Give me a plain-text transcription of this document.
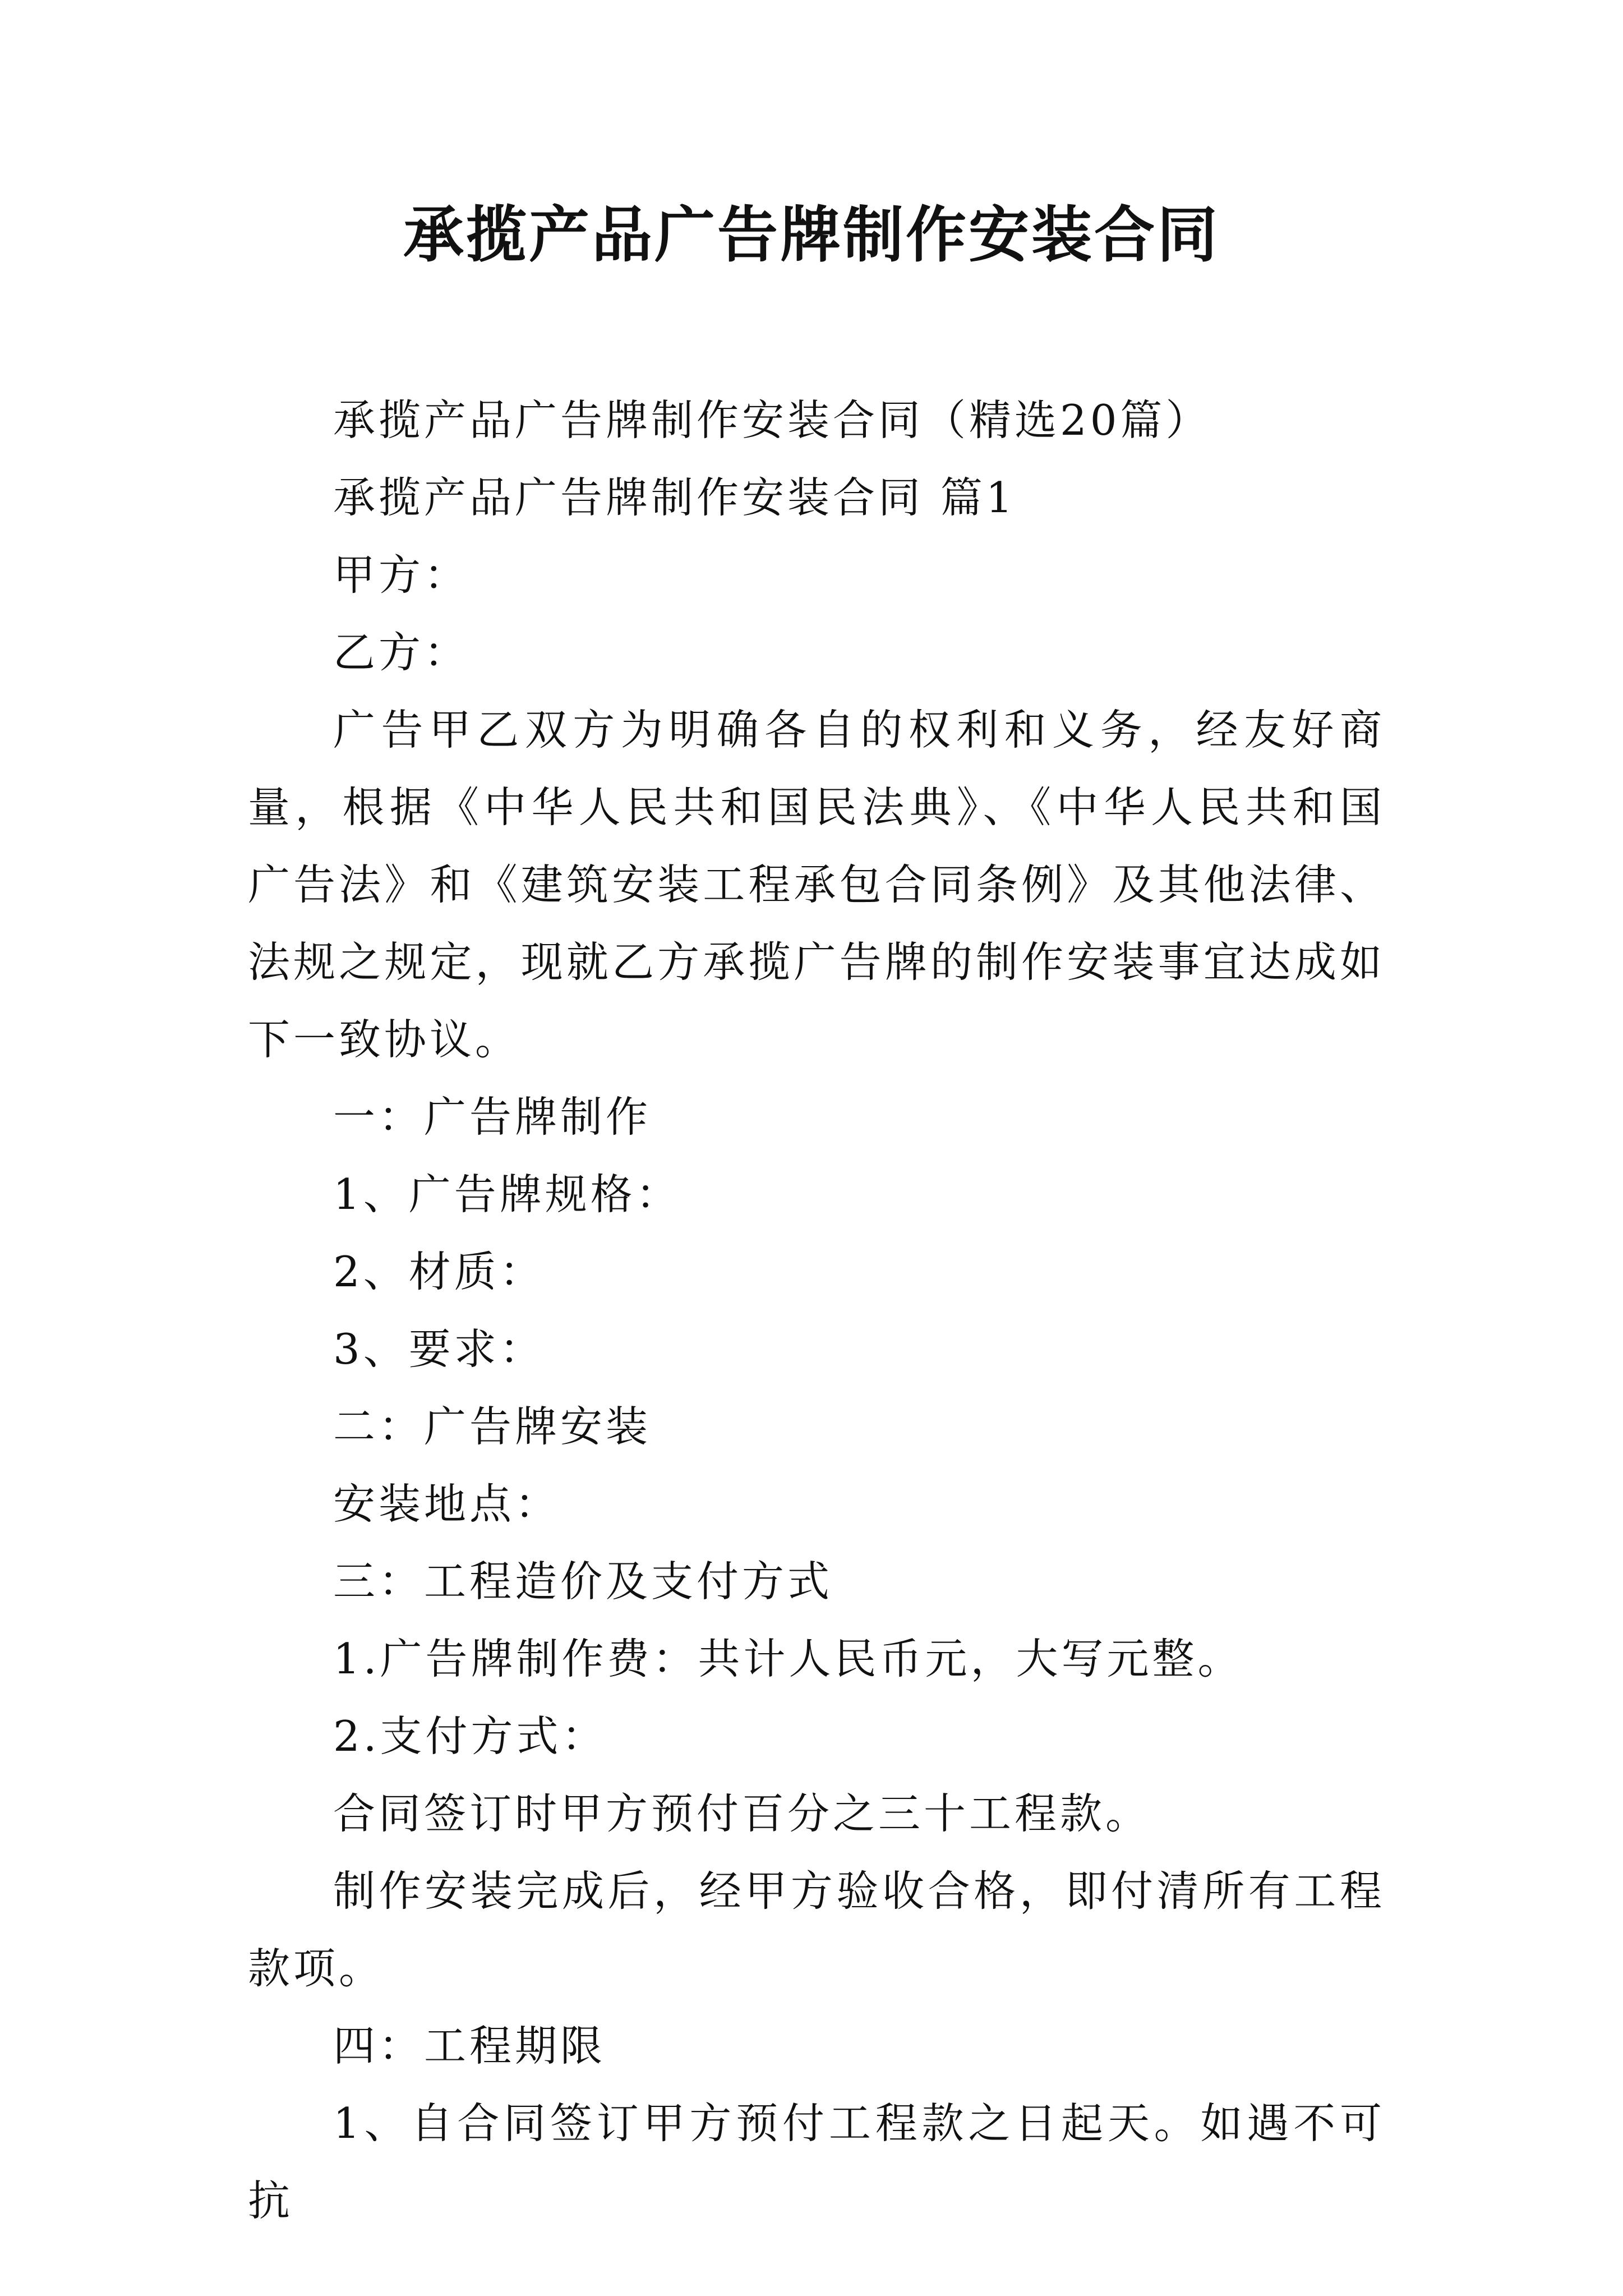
承揽产品广告牌制作安装合同

承揽产品广告牌制作安装合同（精选20篇）

承揽产品广告牌制作安装合同 篇1

甲方：

乙方：

广告甲乙双方为明确各自的权利和义务，经友好商量，根据《中华人民共和国民法典》、《中华人民共和国广告法》和《建筑安装工程承包合同条例》及其他法律、法规之规定，现就乙方承揽广告牌的制作安装事宜达成如下一致协议。

一：广告牌制作

1、广告牌规格：

2、材质：

3、要求：

二：广告牌安装

安装地点：

三：工程造价及支付方式

1.广告牌制作费：共计人民币元，大写元整。

2.支付方式：

合同签订时甲方预付百分之三十工程款。

制作安装完成后，经甲方验收合格，即付清所有工程款项。

四：工程期限

1、自合同签订甲方预付工程款之日起天。如遇不可抗
